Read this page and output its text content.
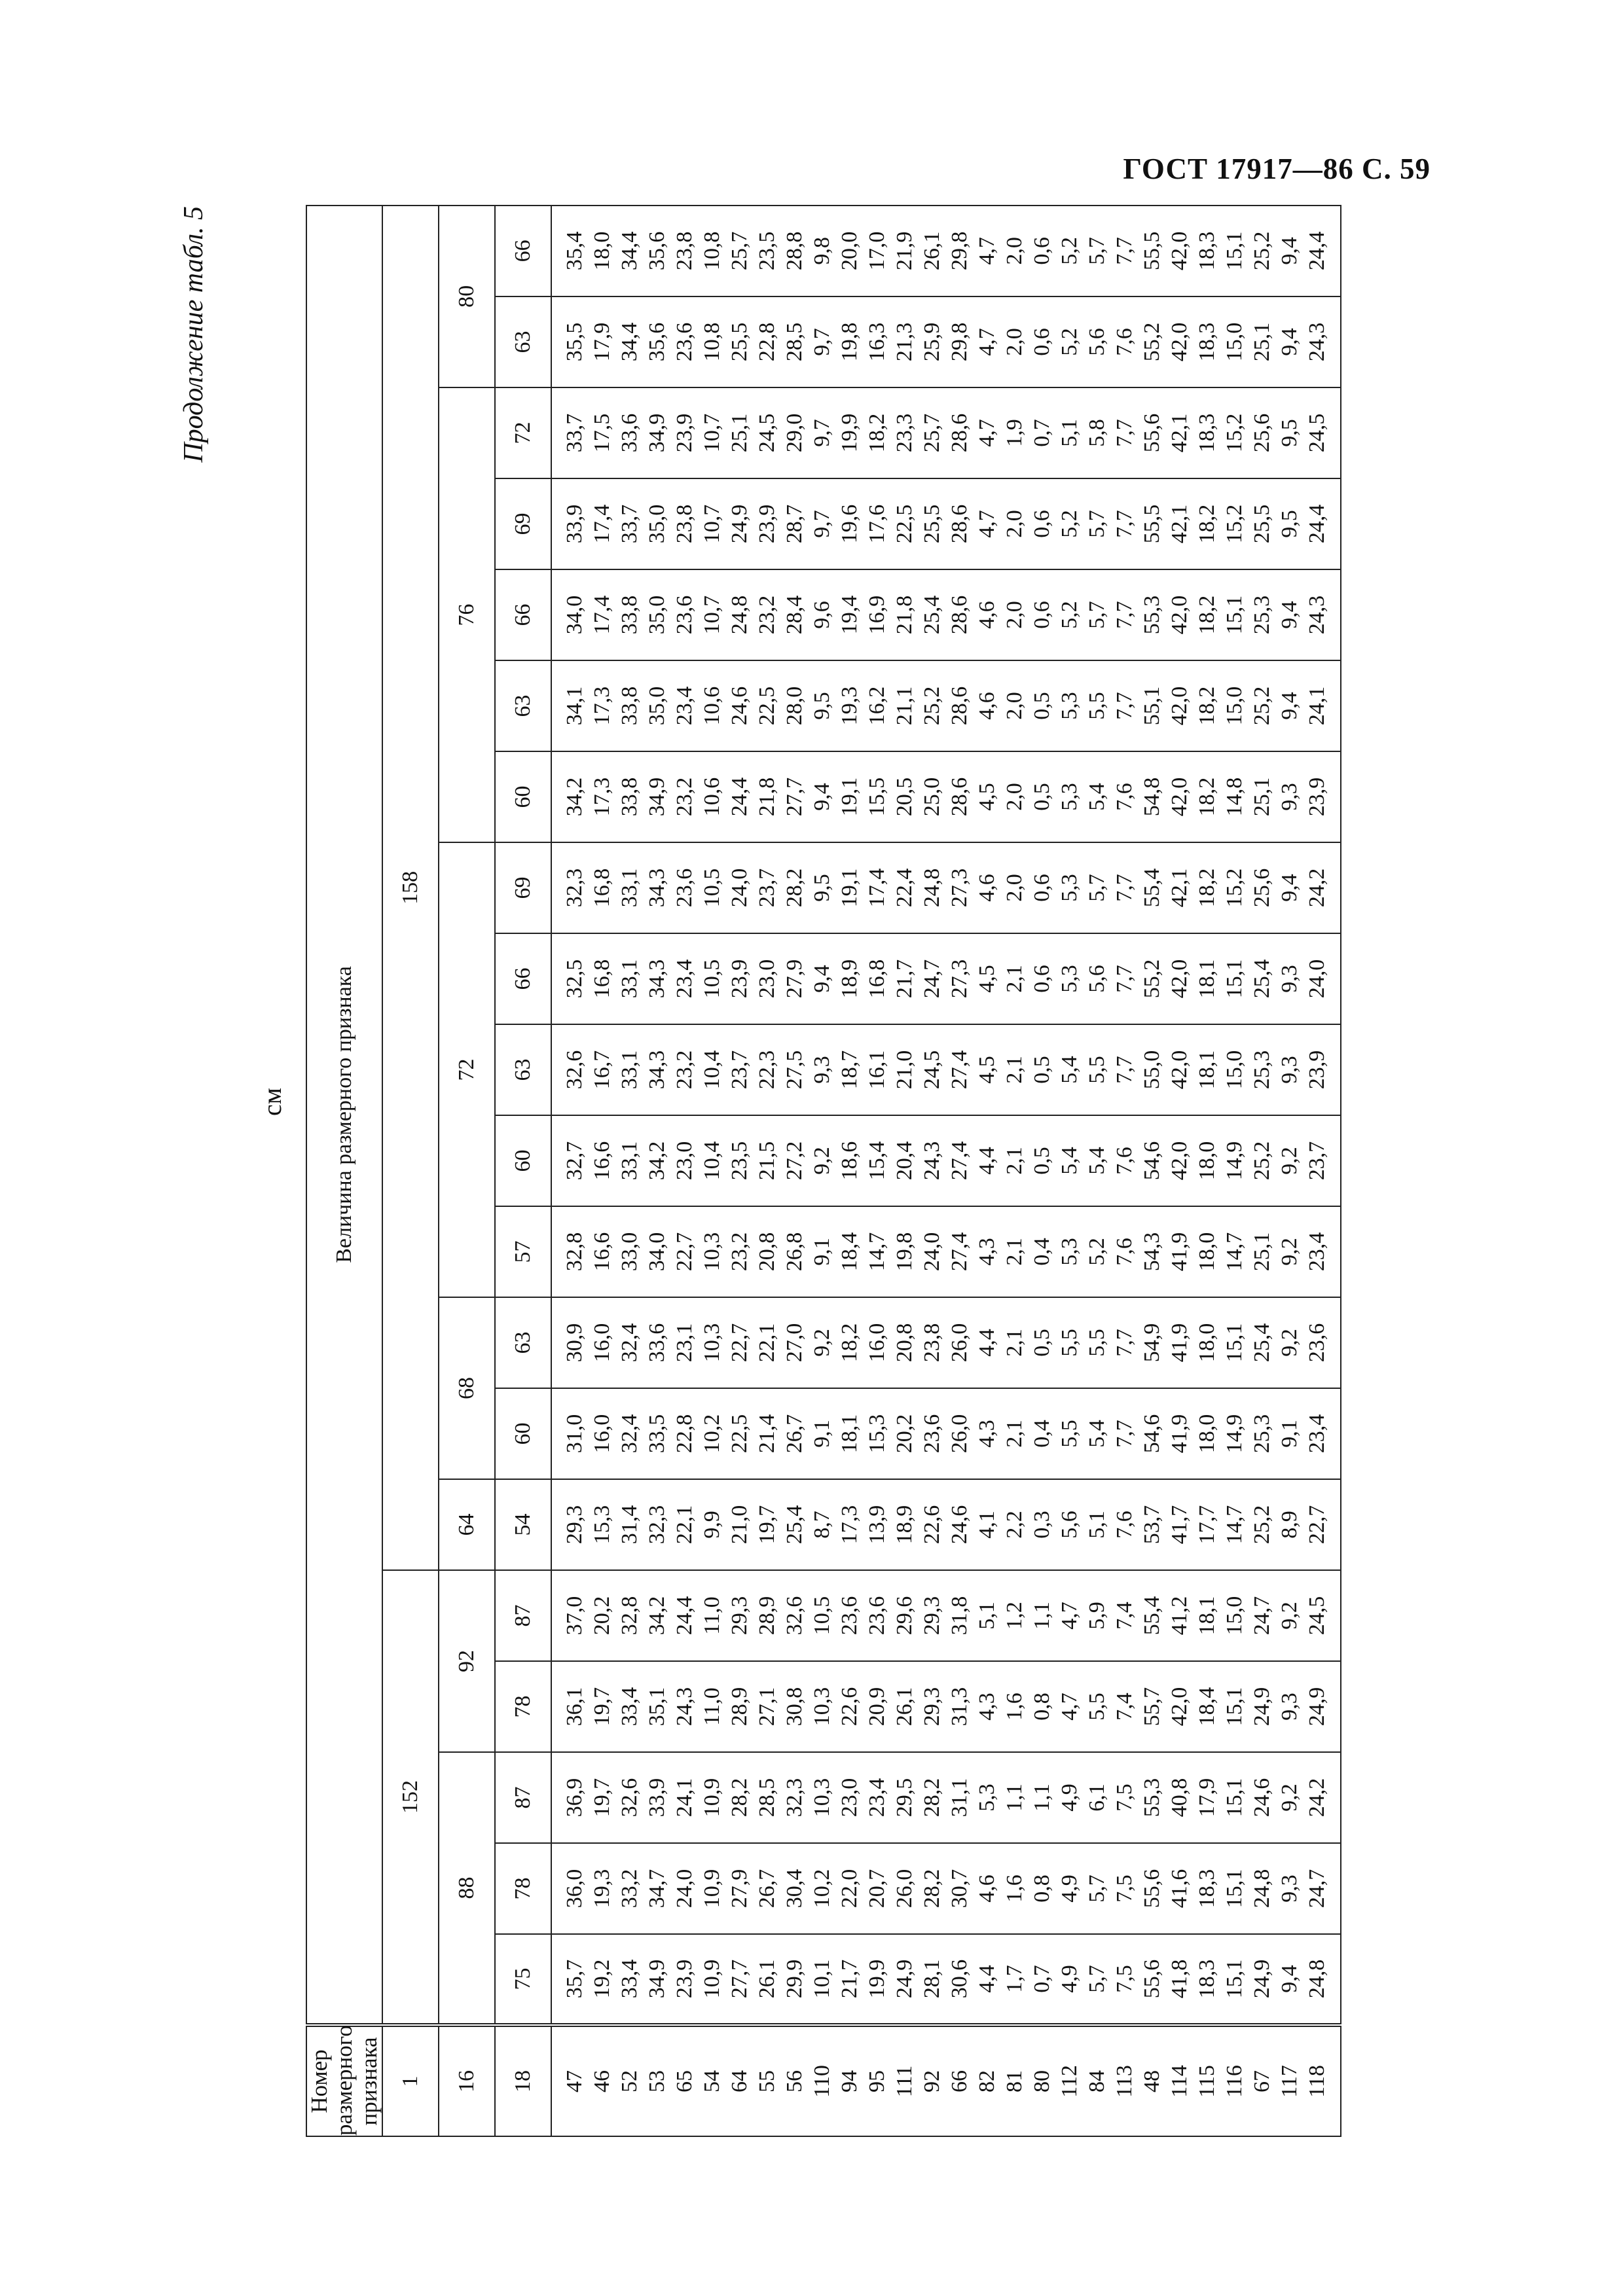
ГОСТ 17917—86 С. 59
Продолжение табл. 5
см
Номер размерного признака	Величина размерного признака																			
1	152					158														
16	88			92		64	68		72					76					80	
18	75	78	87	78	87	54	60	63	57	60	63	66	69	60	63	66	69	72	63	66
47	35,7	36,0	36,9	36,1	37,0	29,3	31,0	30,9	32,8	32,7	32,6	32,5	32,3	34,2	34,1	34,0	33,9	33,7	35,5	35,4
46	19,2	19,3	19,7	19,7	20,2	15,3	16,0	16,0	16,6	16,6	16,7	16,8	16,8	17,3	17,3	17,4	17,4	17,5	17,9	18,0
52	33,4	33,2	32,6	33,4	32,8	31,4	32,4	32,4	33,0	33,1	33,1	33,1	33,1	33,8	33,8	33,8	33,7	33,6	34,4	34,4
53	34,9	34,7	33,9	35,1	34,2	32,3	33,5	33,6	34,0	34,2	34,3	34,3	34,3	34,9	35,0	35,0	35,0	34,9	35,6	35,6
65	23,9	24,0	24,1	24,3	24,4	22,1	22,8	23,1	22,7	23,0	23,2	23,4	23,6	23,2	23,4	23,6	23,8	23,9	23,6	23,8
54	10,9	10,9	10,9	11,0	11,0	9,9	10,2	10,3	10,3	10,4	10,4	10,5	10,5	10,6	10,6	10,7	10,7	10,7	10,8	10,8
64	27,7	27,9	28,2	28,9	29,3	21,0	22,5	22,7	23,2	23,5	23,7	23,9	24,0	24,4	24,6	24,8	24,9	25,1	25,5	25,7
55	26,1	26,7	28,5	27,1	28,9	19,7	21,4	22,1	20,8	21,5	22,3	23,0	23,7	21,8	22,5	23,2	23,9	24,5	22,8	23,5
56	29,9	30,4	32,3	30,8	32,6	25,4	26,7	27,0	26,8	27,2	27,5	27,9	28,2	27,7	28,0	28,4	28,7	29,0	28,5	28,8
110	10,1	10,2	10,3	10,3	10,5	8,7	9,1	9,2	9,1	9,2	9,3	9,4	9,5	9,4	9,5	9,6	9,7	9,7	9,7	9,8
94	21,7	22,0	23,0	22,6	23,6	17,3	18,1	18,2	18,4	18,6	18,7	18,9	19,1	19,1	19,3	19,4	19,6	19,9	19,8	20,0
95	19,9	20,7	23,4	20,9	23,6	13,9	15,3	16,0	14,7	15,4	16,1	16,8	17,4	15,5	16,2	16,9	17,6	18,2	16,3	17,0
111	24,9	26,0	29,5	26,1	29,6	18,9	20,2	20,8	19,8	20,4	21,0	21,7	22,4	20,5	21,1	21,8	22,5	23,3	21,3	21,9
92	28,1	28,2	28,2	29,3	29,3	22,6	23,6	23,8	24,0	24,3	24,5	24,7	24,8	25,0	25,2	25,4	25,5	25,7	25,9	26,1
66	30,6	30,7	31,1	31,3	31,8	24,6	26,0	26,0	27,4	27,4	27,4	27,3	27,3	28,6	28,6	28,6	28,6	28,6	29,8	29,8
82	4,4	4,6	5,3	4,3	5,1	4,1	4,3	4,4	4,3	4,4	4,5	4,5	4,6	4,5	4,6	4,6	4,7	4,7	4,7	4,7
81	1,7	1,6	1,1	1,6	1,2	2,2	2,1	2,1	2,1	2,1	2,1	2,1	2,0	2,0	2,0	2,0	2,0	1,9	2,0	2,0
80	0,7	0,8	1,1	0,8	1,1	0,3	0,4	0,5	0,4	0,5	0,5	0,6	0,6	0,5	0,5	0,6	0,6	0,7	0,6	0,6
112	4,9	4,9	4,9	4,7	4,7	5,6	5,5	5,5	5,3	5,4	5,4	5,3	5,3	5,3	5,3	5,2	5,2	5,1	5,2	5,2
84	5,7	5,7	6,1	5,5	5,9	5,1	5,4	5,5	5,2	5,4	5,5	5,6	5,7	5,4	5,5	5,7	5,7	5,8	5,6	5,7
113	7,5	7,5	7,5	7,4	7,4	7,6	7,7	7,7	7,6	7,6	7,7	7,7	7,7	7,6	7,7	7,7	7,7	7,7	7,6	7,7
48	55,6	55,6	55,3	55,7	55,4	53,7	54,6	54,9	54,3	54,6	55,0	55,2	55,4	54,8	55,1	55,3	55,5	55,6	55,2	55,5
114	41,8	41,6	40,8	42,0	41,2	41,7	41,9	41,9	41,9	42,0	42,0	42,0	42,1	42,0	42,0	42,0	42,1	42,1	42,0	42,0
115	18,3	18,3	17,9	18,4	18,1	17,7	18,0	18,0	18,0	18,0	18,1	18,1	18,2	18,2	18,2	18,2	18,2	18,3	18,3	18,3
116	15,1	15,1	15,1	15,1	15,0	14,7	14,9	15,1	14,7	14,9	15,0	15,1	15,2	14,8	15,0	15,1	15,2	15,2	15,0	15,1
67	24,9	24,8	24,6	24,9	24,7	25,2	25,3	25,4	25,1	25,2	25,3	25,4	25,6	25,1	25,2	25,3	25,5	25,6	25,1	25,2
117	9,4	9,3	9,2	9,3	9,2	8,9	9,1	9,2	9,2	9,2	9,3	9,3	9,4	9,3	9,4	9,4	9,5	9,5	9,4	9,4
118	24,8	24,7	24,2	24,9	24,5	22,7	23,4	23,6	23,4	23,7	23,9	24,0	24,2	23,9	24,1	24,3	24,4	24,5	24,3	24,4
